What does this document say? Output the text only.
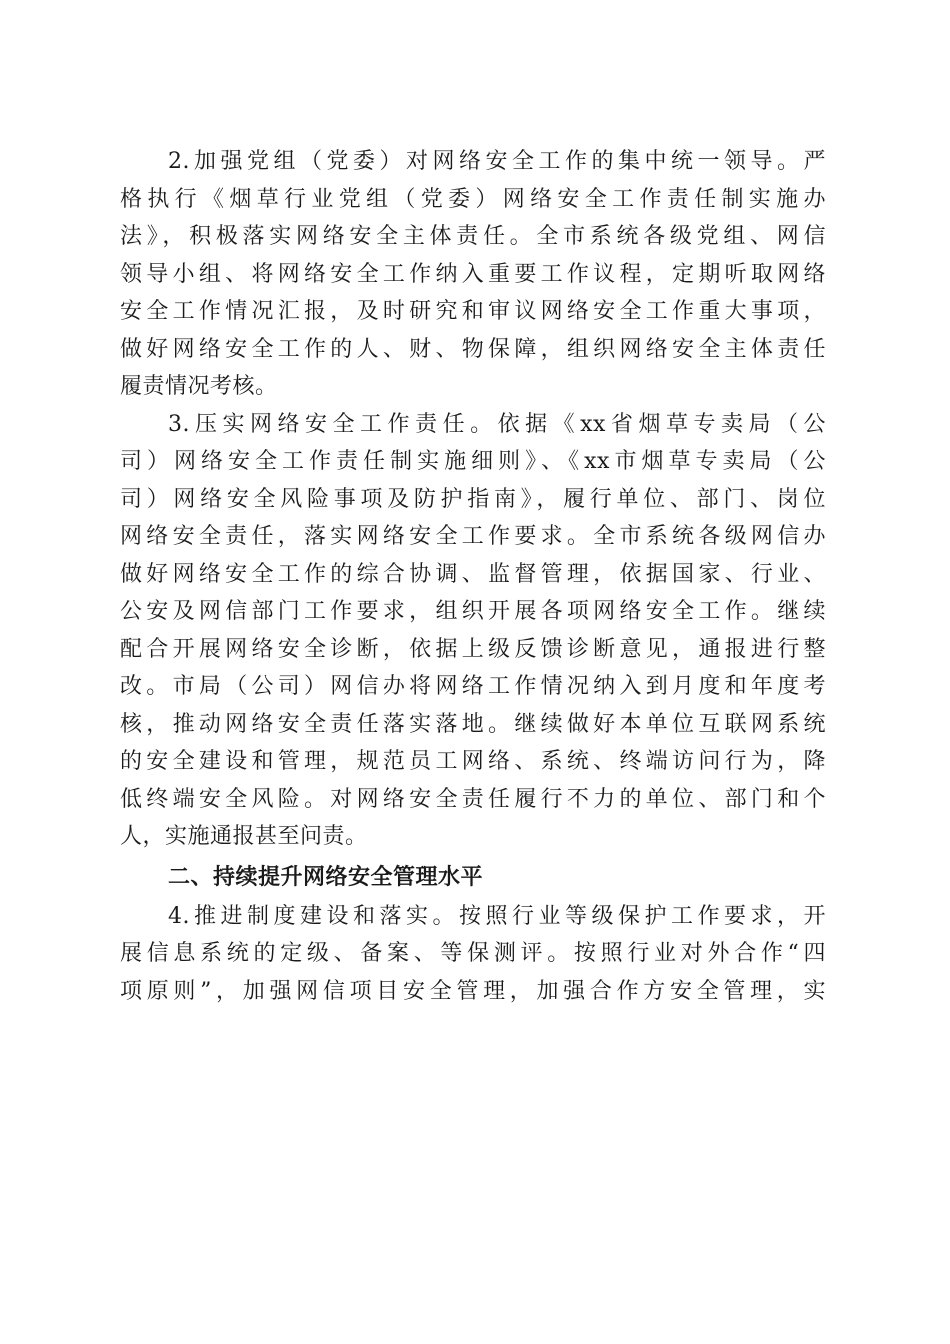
2.加强党组（党委）对网络安全工作的集中统一领导。严
格执行《烟草行业党组（党委）网络安全工作责任制实施办
法》，积极落实网络安全主体责任。全市系统各级党组、网信
领导小组、将网络安全工作纳入重要工作议程，定期听取网络
安全工作情况汇报，及时研究和审议网络安全工作重大事项，
做好网络安全工作的人、财、物保障，组织网络安全主体责任
履责情况考核。
3.压实网络安全工作责任。依据《xx省烟草专卖局（公
司）网络安全工作责任制实施细则》、《xx市烟草专卖局（公
司）网络安全风险事项及防护指南》，履行单位、部门、岗位
网络安全责任，落实网络安全工作要求。全市系统各级网信办
做好网络安全工作的综合协调、监督管理，依据国家、行业、
公安及网信部门工作要求，组织开展各项网络安全工作。继续
配合开展网络安全诊断，依据上级反馈诊断意见，通报进行整
改。市局（公司）网信办将网络工作情况纳入到月度和年度考
核，推动网络安全责任落实落地。继续做好本单位互联网系统
的安全建设和管理，规范员工网络、系统、终端访问行为，降
低终端安全风险。对网络安全责任履行不力的单位、部门和个
人，实施通报甚至问责。
二、持续提升网络安全管理水平
4.推进制度建设和落实。按照行业等级保护工作要求，开
展信息系统的定级、备案、等保测评。按照行业对外合作“四
项原则”，加强网信项目安全管理，加强合作方安全管理，实
